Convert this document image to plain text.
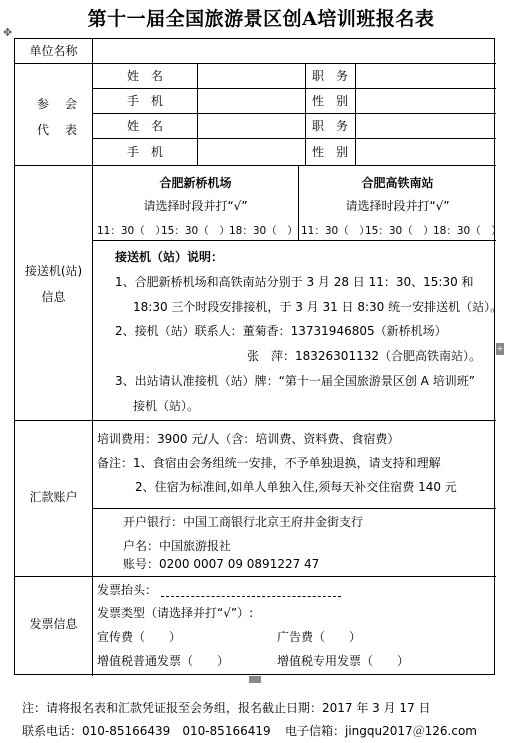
第十一届全国旅游景区创A培训班报名表
✥
单位名称
参 会
代 表
姓　名	职　务
手　机	性　别
姓　名	职　务
手　机	性　别
接送机(站)
信息
合肥新桥机场
请选择时段并打“√”
11：30（　）
15：30（　） 18：30（　）
合肥高铁南站
请选择时段并打“√”
11：30（　）
15：30（　） 18：30（　）
接送机（站）说明：
1、合肥新桥机场和高铁南站分别于 3 月 28 日 11：30、15:30 和
18:30 三个时段安排接机，于 3 月 31 日 8:30 统一安排送机（站）。
2、接机（站）联系人：董菊香：13731946805（新桥机场）
张　萍：18326301132（合肥高铁南站）。
3、出站请认准接机（站）牌：“第十一届全国旅游景区创 A 培训班”
接机（站）。
汇款账户
培训费用：3900 元/人（含：培训费、资料费、食宿费）
备注：1、食宿由会务组统一安排，不予单独退换，请支持和理解
2、住宿为标准间,如单人单独入住,须每天补交住宿费 140 元
开户银行：中国工商银行北京王府井金街支行
户名：中国旅游报社
账号：0200 0007 09 0891227 47
发票信息
发票抬头：
发票类型（请选择并打“√”）:
宣传费（　　）	广告费（　　）
增值税普通发票（　　）	增值税专用发票（　　）
+
注：请将报名表和汇款凭证报至会务组，报名截止日期：2017 年 3 月 17 日
联系电话：010-85166439　010-85166419 电子信箱：jingqu2017＠126.com
